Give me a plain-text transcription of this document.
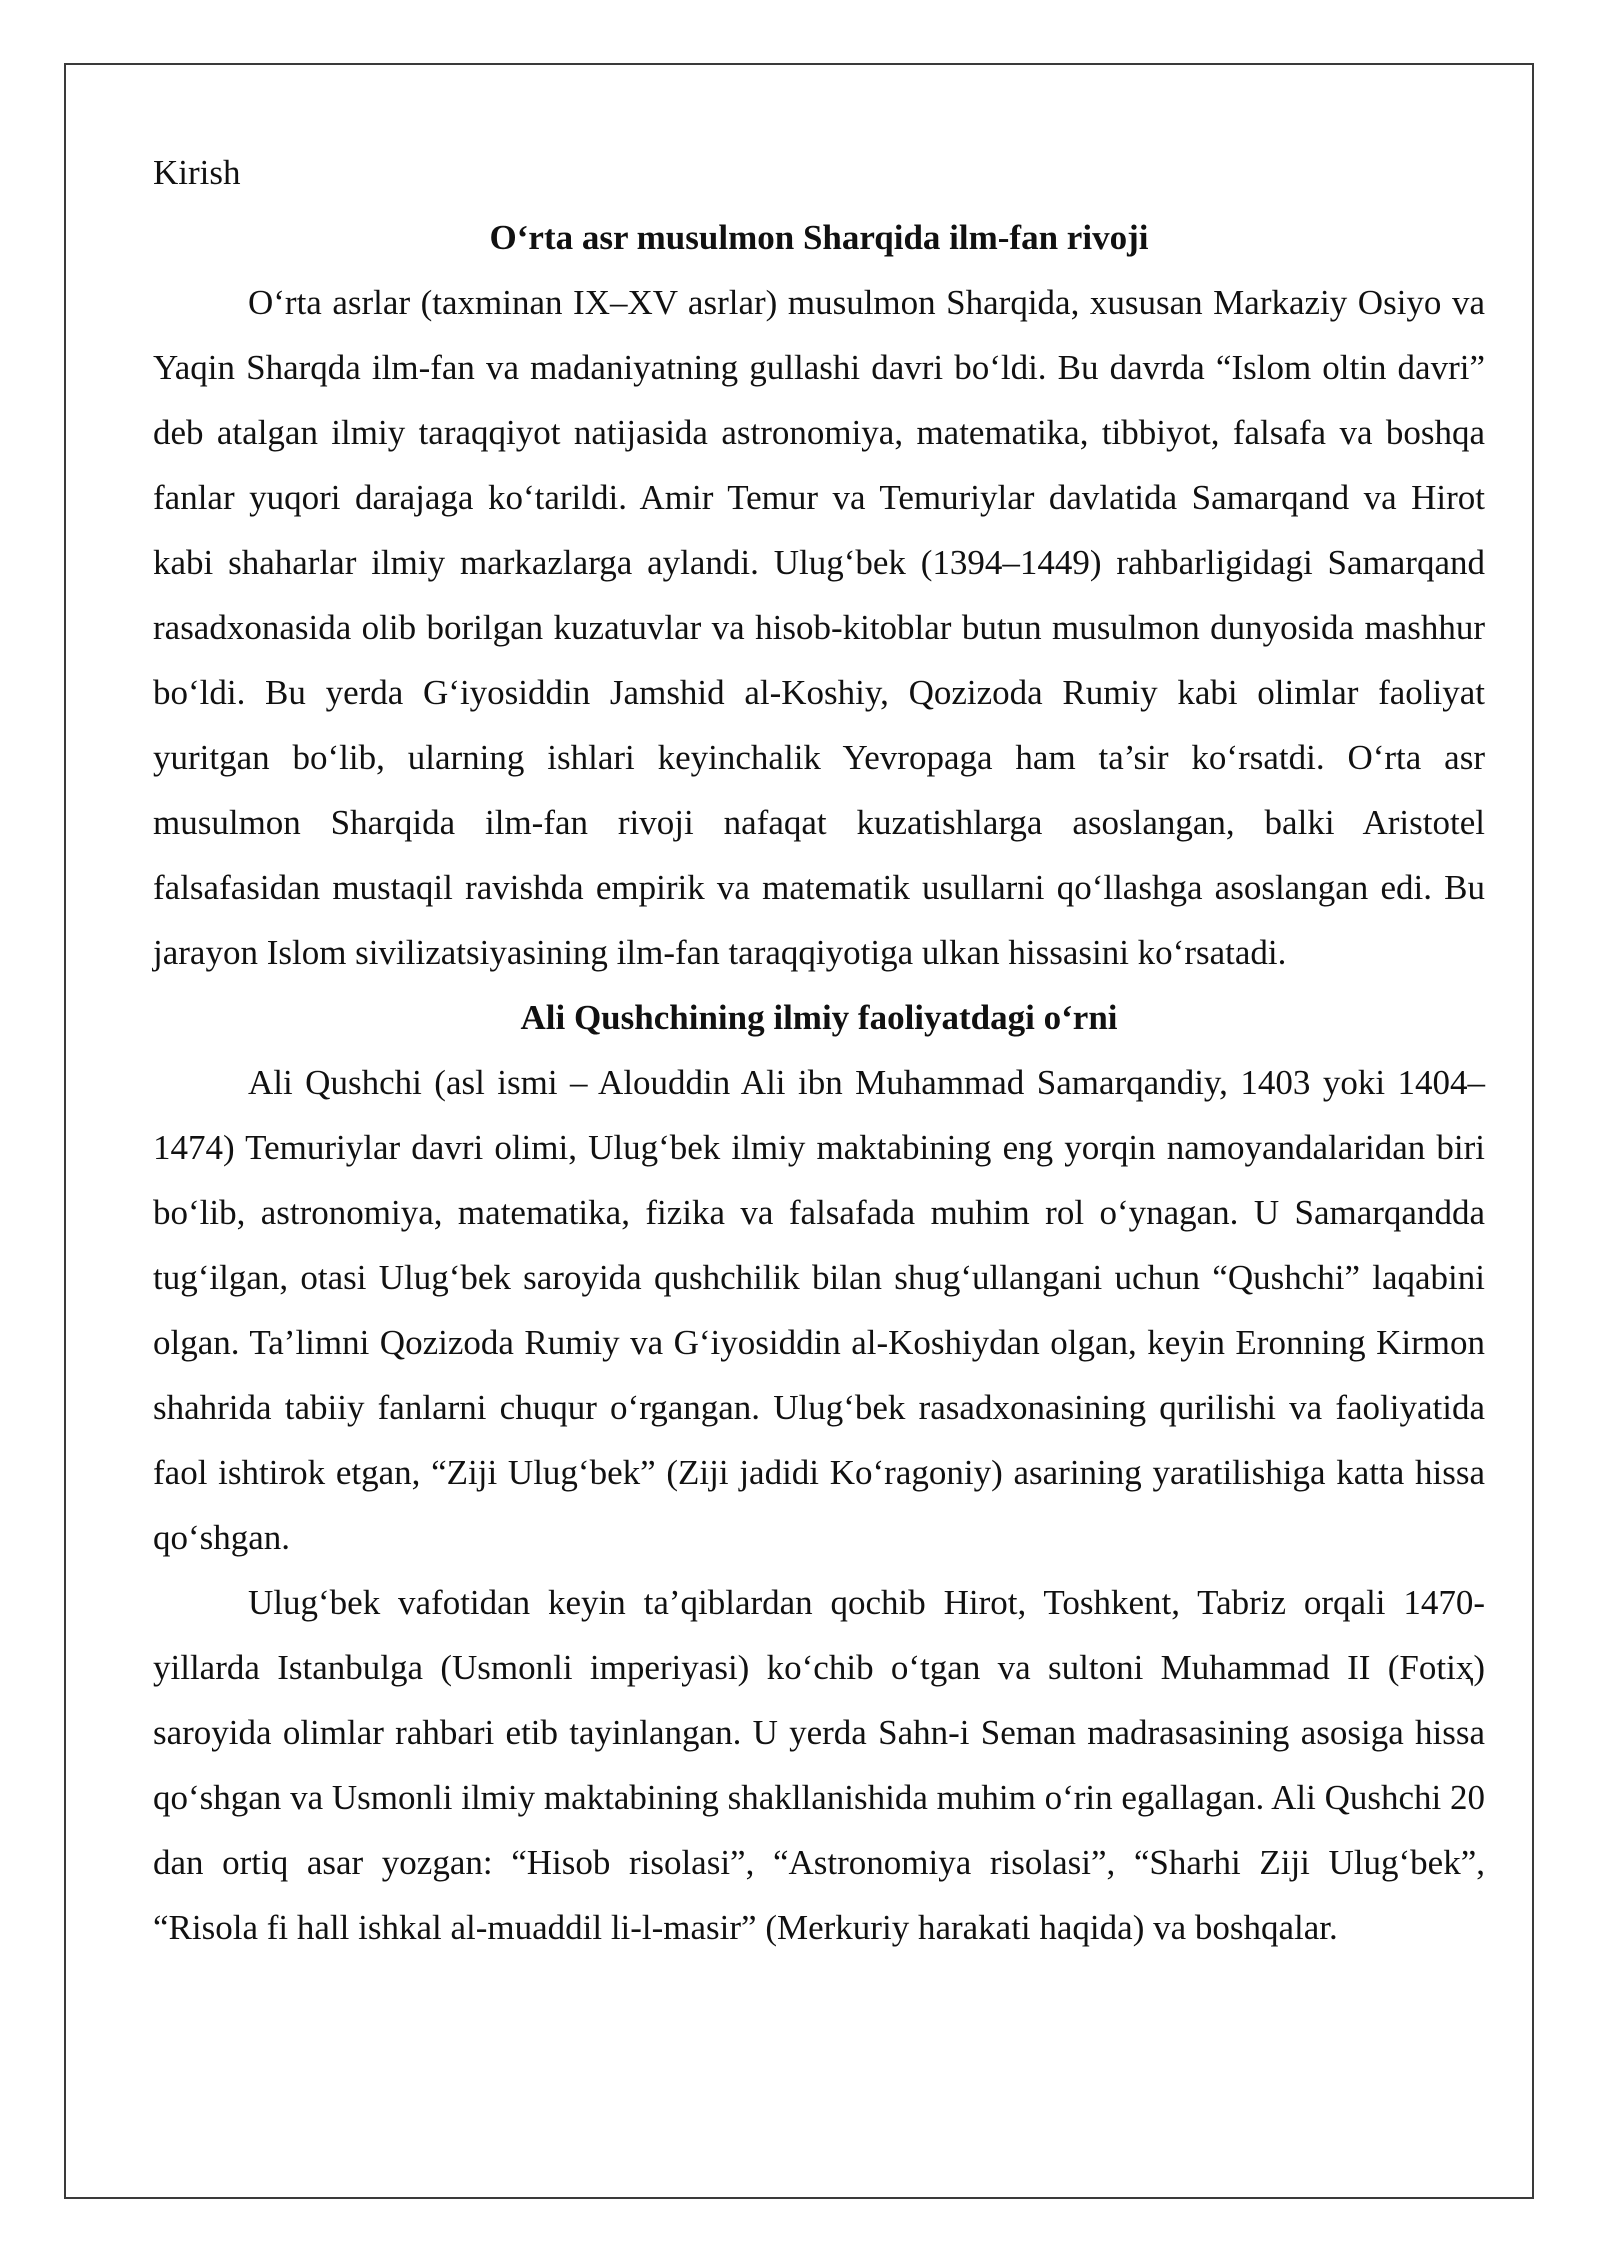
Kirish

O‘rta asr musulmon Sharqida ilm-fan rivoji

O‘rta asrlar (taxminan IX–XV asrlar) musulmon Sharqida, xususan Markaziy Osiyo va Yaqin Sharqda ilm-fan va madaniyatning gullashi davri bo‘ldi. Bu davrda “Islom oltin davri” deb atalgan ilmiy taraqqiyot natijasida astronomiya, matematika, tibbiyot, falsafa va boshqa fanlar yuqori darajaga ko‘tarildi. Amir Temur va Temuriylar davlatida Samarqand va Hirot kabi shaharlar ilmiy markazlarga aylandi. Ulug‘bek (1394–1449) rahbarligidagi Samarqand rasadxonasida olib borilgan kuzatuvlar va hisob-kitoblar butun musulmon dunyosida mashhur bo‘ldi. Bu yerda G‘iyosiddin Jamshid al-Koshiy, Qozizoda Rumiy kabi olimlar faoliyat yuritgan bo‘lib, ularning ishlari keyinchalik Yevropaga ham ta’sir ko‘rsatdi. O‘rta asr musulmon Sharqida ilm-fan rivoji nafaqat kuzatishlarga asoslangan, balki Aristotel falsafasidan mustaqil ravishda empirik va matematik usullarni qo‘llashga asoslangan edi. Bu jarayon Islom sivilizatsiyasining ilm-fan taraqqiyotiga ulkan hissasini ko‘rsatadi.

Ali Qushchining ilmiy faoliyatdagi o‘rni

Ali Qushchi (asl ismi – Alouddin Ali ibn Muhammad Samarqandiy, 1403 yoki 1404–1474) Temuriylar davri olimi, Ulug‘bek ilmiy maktabining eng yorqin namoyandalaridan biri bo‘lib, astronomiya, matematika, fizika va falsafada muhim rol o‘ynagan. U Samarqandda tug‘ilgan, otasi Ulug‘bek saroyida qushchilik bilan shug‘ullangani uchun “Qushchi” laqabini olgan. Ta’limni Qozizoda Rumiy va G‘iyosiddin al-Koshiydan olgan, keyin Eronning Kirmon shahrida tabiiy fanlarni chuqur o‘rgangan. Ulug‘bek rasadxonasining qurilishi va faoliyatida faol ishtirok etgan, “Ziji Ulug‘bek” (Ziji jadidi Ko‘ragoniy) asarining yaratilishiga katta hissa qo‘shgan.

Ulug‘bek vafotidan keyin ta’qiblardan qochib Hirot, Toshkent, Tabriz orqali 1470-yillarda Istanbulga (Usmonli imperiyasi) ko‘chib o‘tgan va sultoni Muhammad II (Fotiҳ) saroyida olimlar rahbari etib tayinlangan. U yerda Sahn-i Seman madrasasining asosiga hissa qo‘shgan va Usmonli ilmiy maktabining shakllanishida muhim o‘rin egallagan. Ali Qushchi 20 dan ortiq asar yozgan: “Hisob risolasi”, “Astronomiya risolasi”, “Sharhi Ziji Ulug‘bek”, “Risola fi hall ishkal al-muaddil li-l-masir” (Merkuriy harakati haqida) va boshqalar.
